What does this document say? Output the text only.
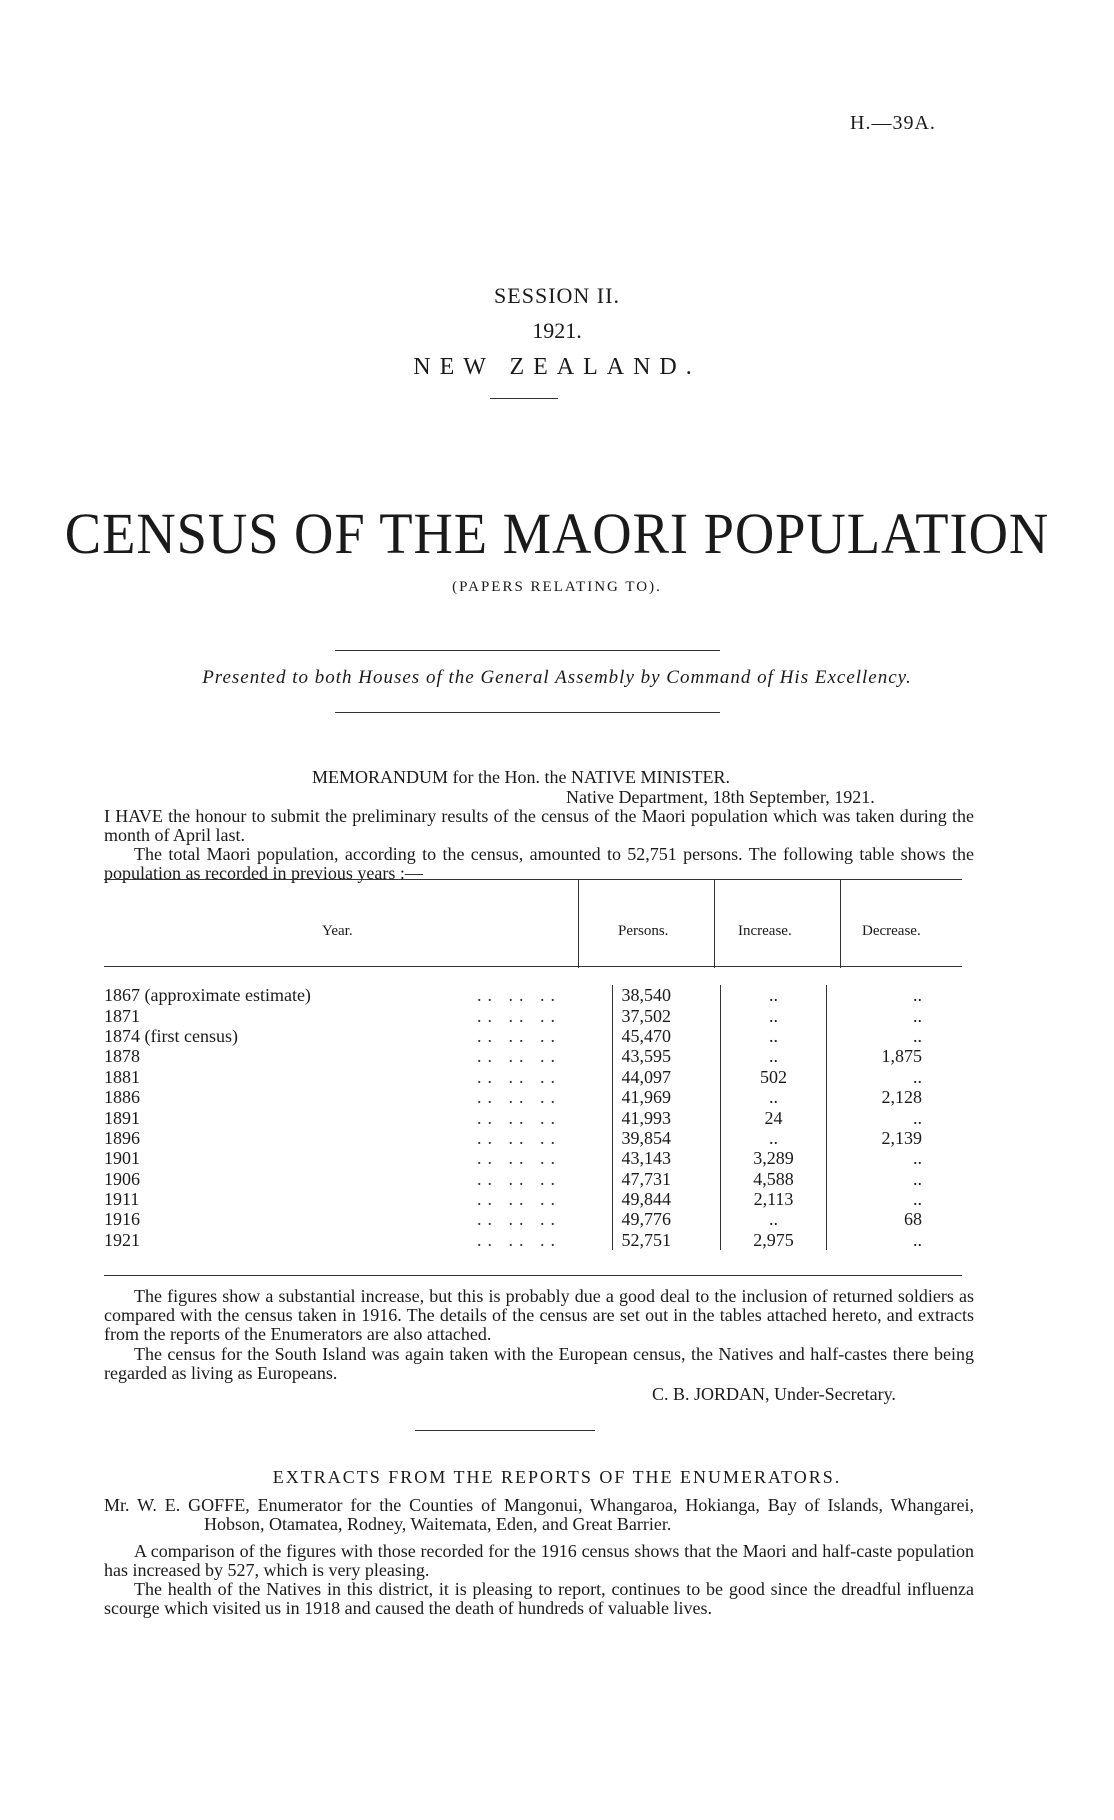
H.—39A.
SESSION II.
1921.
NEW ZEALAND.
CENSUS OF THE MAORI POPULATION
(PAPERS RELATING TO).
Presented to both Houses of the General Assembly by Command of His Excellency.
MEMORANDUM for the Hon. the NATIVE MINISTER.
Native Department, 18th September, 1921.
I HAVE the honour to submit the preliminary results of the census of the Maori population which was taken during the month of April last.
The total Maori population, according to the census, amounted to 52,751 persons. The following table shows the population as recorded in previous years :—
Year.	Persons.	Increase.	Decrease.
1867 (approximate estimate)	.. .. ..	38,540	..	..
1871	.. .. ..	37,502	..	..
1874 (first census)	.. .. ..	45,470	..	..
1878	.. .. ..	43,595	..	1,875
1881	.. .. ..	44,097	502	..
1886	.. .. ..	41,969	..	2,128
1891	.. .. ..	41,993	24	..
1896	.. .. ..	39,854	..	2,139
1901	.. .. ..	43,143	3,289	..
1906	.. .. ..	47,731	4,588	..
1911	.. .. ..	49,844	2,113	..
1916	.. .. ..	49,776	..	68
1921	.. .. ..	52,751	2,975	..
The figures show a substantial increase, but this is probably due a good deal to the inclusion of returned soldiers as compared with the census taken in 1916. The details of the census are set out in the tables attached hereto, and extracts from the reports of the Enumerators are also attached.
The census for the South Island was again taken with the European census, the Natives and half-castes there being regarded as living as Europeans.
C. B. JORDAN, Under-Secretary.
EXTRACTS FROM THE REPORTS OF THE ENUMERATORS.
Mr. W. E. GOFFE, Enumerator for the Counties of Mangonui, Whangaroa, Hokianga, Bay of Islands, Whangarei, Hobson, Otamatea, Rodney, Waitemata, Eden, and Great Barrier.
A comparison of the figures with those recorded for the 1916 census shows that the Maori and half-caste population has increased by 527, which is very pleasing.
The health of the Natives in this district, it is pleasing to report, continues to be good since the dreadful influenza scourge which visited us in 1918 and caused the death of hundreds of valuable lives.
